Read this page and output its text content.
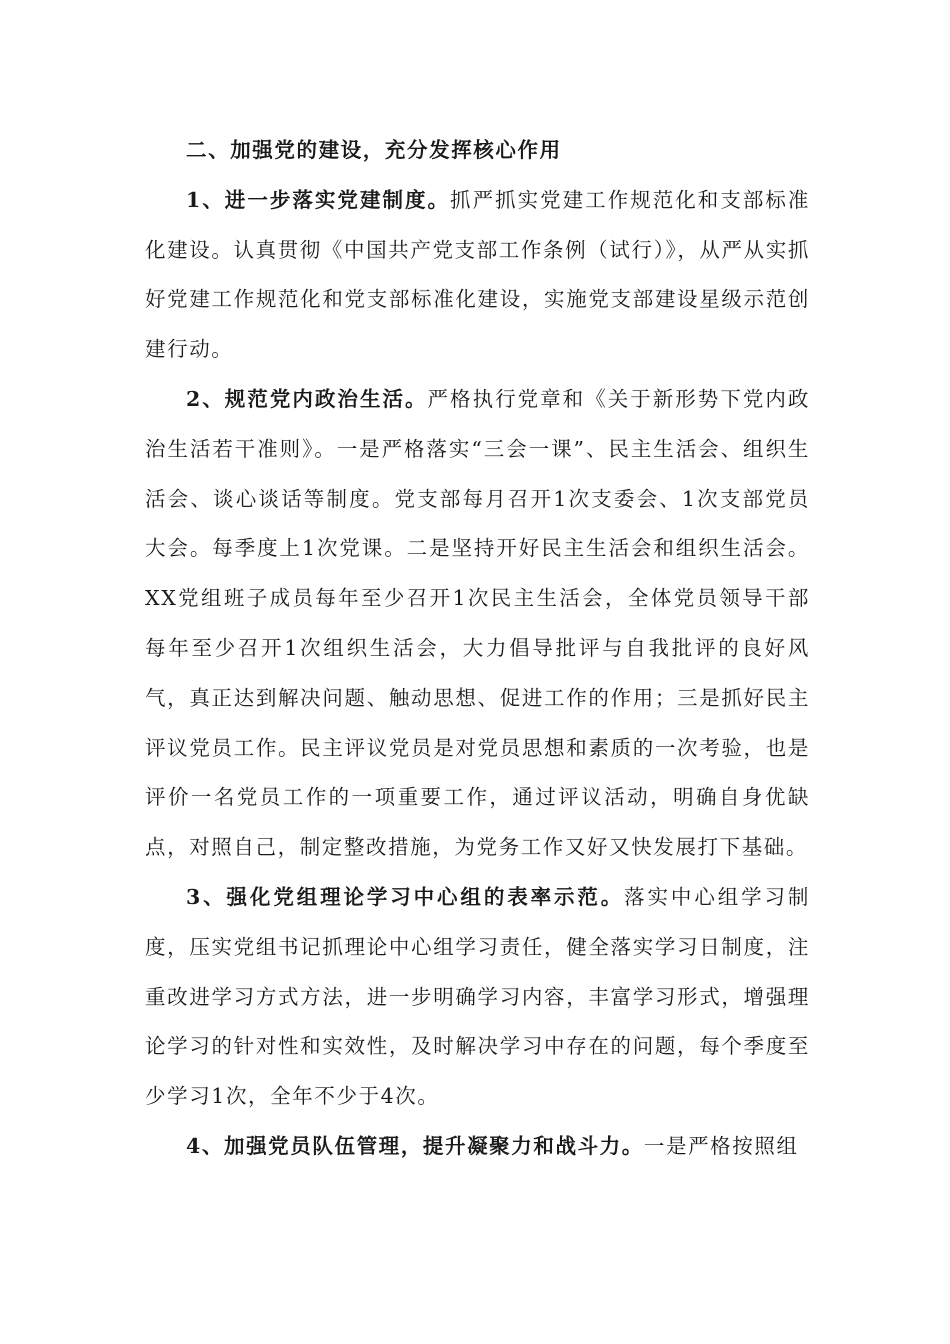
二、加强党的建设，充分发挥核心作用

1、进一步落实党建制度。抓严抓实党建工作规范化和支部标准化建设。认真贯彻《中国共产党支部工作条例（试行）》，从严从实抓好党建工作规范化和党支部标准化建设，实施党支部建设星级示范创建行动。

2、规范党内政治生活。严格执行党章和《关于新形势下党内政治生活若干准则》。一是严格落实“三会一课”、民主生活会、组织生活会、谈心谈话等制度。党支部每月召开1次支委会、1次支部党员大会。每季度上1次党课。二是坚持开好民主生活会和组织生活会。XX党组班子成员每年至少召开1次民主生活会，全体党员领导干部每年至少召开1次组织生活会，大力倡导批评与自我批评的良好风气，真正达到解决问题、触动思想、促进工作的作用；三是抓好民主评议党员工作。民主评议党员是对党员思想和素质的一次考验，也是评价一名党员工作的一项重要工作，通过评议活动，明确自身优缺点，对照自己，制定整改措施，为党务工作又好又快发展打下基础。

3、强化党组理论学习中心组的表率示范。落实中心组学习制度，压实党组书记抓理论中心组学习责任，健全落实学习日制度，注重改进学习方式方法，进一步明确学习内容，丰富学习形式，增强理论学习的针对性和实效性，及时解决学习中存在的问题，每个季度至少学习1次，全年不少于4次。

4、加强党员队伍管理，提升凝聚力和战斗力。一是严格按照组
